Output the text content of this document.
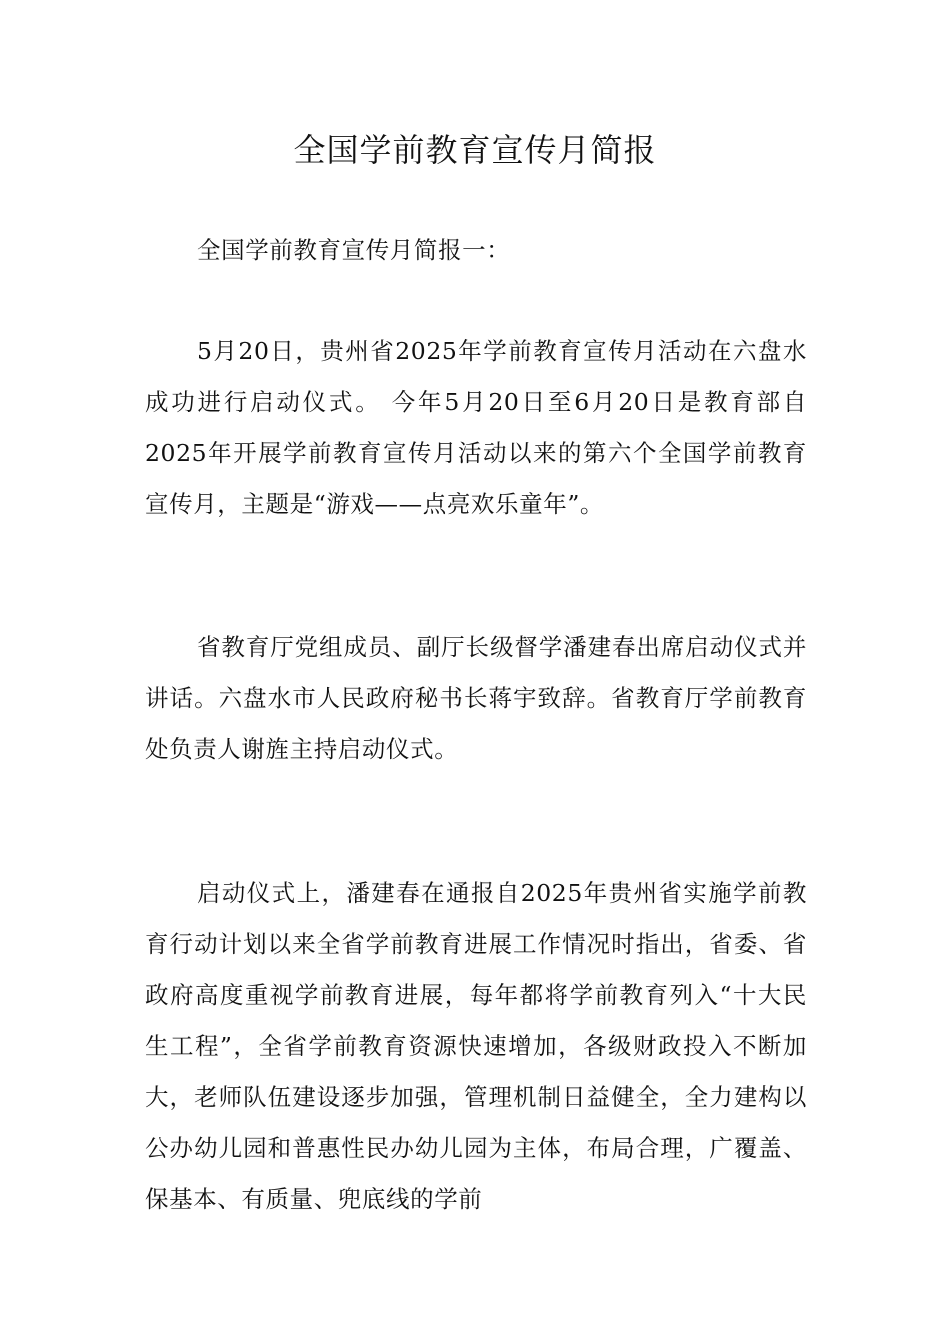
全国学前教育宣传月简报

全国学前教育宣传月简报一：

5月20日，贵州省2025年学前教育宣传月活动在六盘水成功进行启动仪式。 今年5月20日至6月20日是教育部自2025年开展学前教育宣传月活动以来的第六个全国学前教育宣传月，主题是“游戏——点亮欢乐童年”。

省教育厅党组成员、副厅长级督学潘建春出席启动仪式并讲话。六盘水市人民政府秘书长蒋宇致辞。省教育厅学前教育处负责人谢旌主持启动仪式。

启动仪式上，潘建春在通报自2025年贵州省实施学前教育行动计划以来全省学前教育进展工作情况时指出，省委、省政府高度重视学前教育进展，每年都将学前教育列入“十大民生工程”，全省学前教育资源快速增加，各级财政投入不断加大，老师队伍建设逐步加强，管理机制日益健全，全力建构以公办幼儿园和普惠性民办幼儿园为主体，布局合理，广覆盖、保基本、有质量、兜底线的学前
